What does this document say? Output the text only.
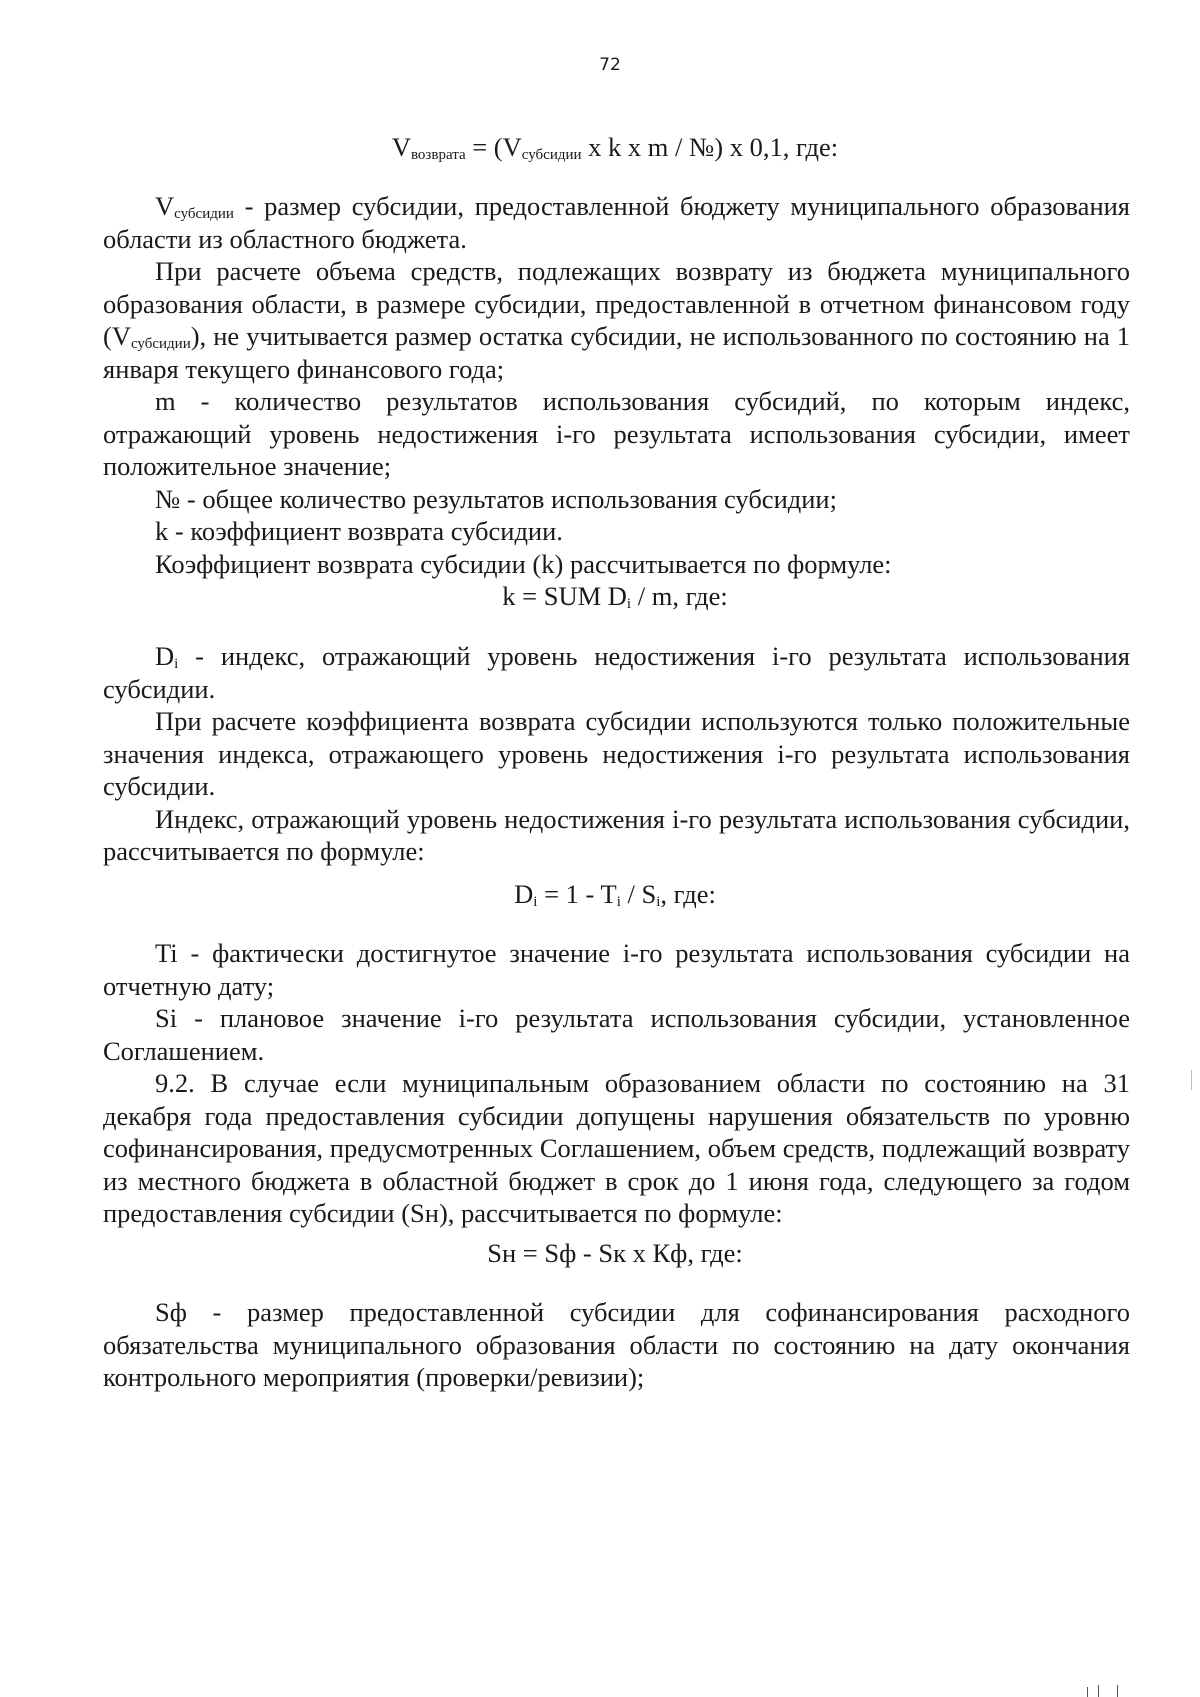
72
$V_{возврата} = (V_{субсидии}$ х k х m / №) х 0,1, где:

$V_{субсидии}$ - размер субсидии, предоставленной бюджету муниципального образования области из областного бюджета.

При расчете объема средств, подлежащих возврату из бюджета муниципального образования области, в размере субсидии, предоставленной в отчетном финансовом году $(V_{субсидии})$, не учитывается размер остатка субсидии, не использованного по состоянию на 1 января текущего финансового года;

m - количество результатов использования субсидий, по которым индекс, отражающий уровень недостижения i-го результата использования субсидии, имеет положительное значение;

№ - общее количество результатов использования субсидии;

k - коэффициент возврата субсидии.

Коэффициент возврата субсидии (k) рассчитывается по формуле:

k = SUM $D_i$ / m, где:

$D_i$ - индекс, отражающий уровень недостижения i-го результата использования субсидии.

При расчете коэффициента возврата субсидии используются только положительные значения индекса, отражающего уровень недостижения i-го результата использования субсидии.

Индекс, отражающий уровень недостижения i-го результата использования субсидии, рассчитывается по формуле:

$D_i = 1 - T_i / S_i$, где:

Ti - фактически достигнутое значение i-го результата использования субсидии на отчетную дату;

Si - плановое значение i-го результата использования субсидии, установленное Соглашением.

9.2. В случае если муниципальным образованием области по состоянию на 31 декабря года предоставления субсидии допущены нарушения обязательств по уровню софинансирования, предусмотренных Соглашением, объем средств, подлежащий возврату из местного бюджета в областной бюджет в срок до 1 июня года, следующего за годом предоставления субсидии (Sн), рассчитывается по формуле:

Sн = Sф - Sк х Кф, где:

Sф - размер предоставленной субсидии для софинансирования расходного обязательства муниципального образования области по состоянию на дату окончания контрольного мероприятия (проверки/ревизии);
